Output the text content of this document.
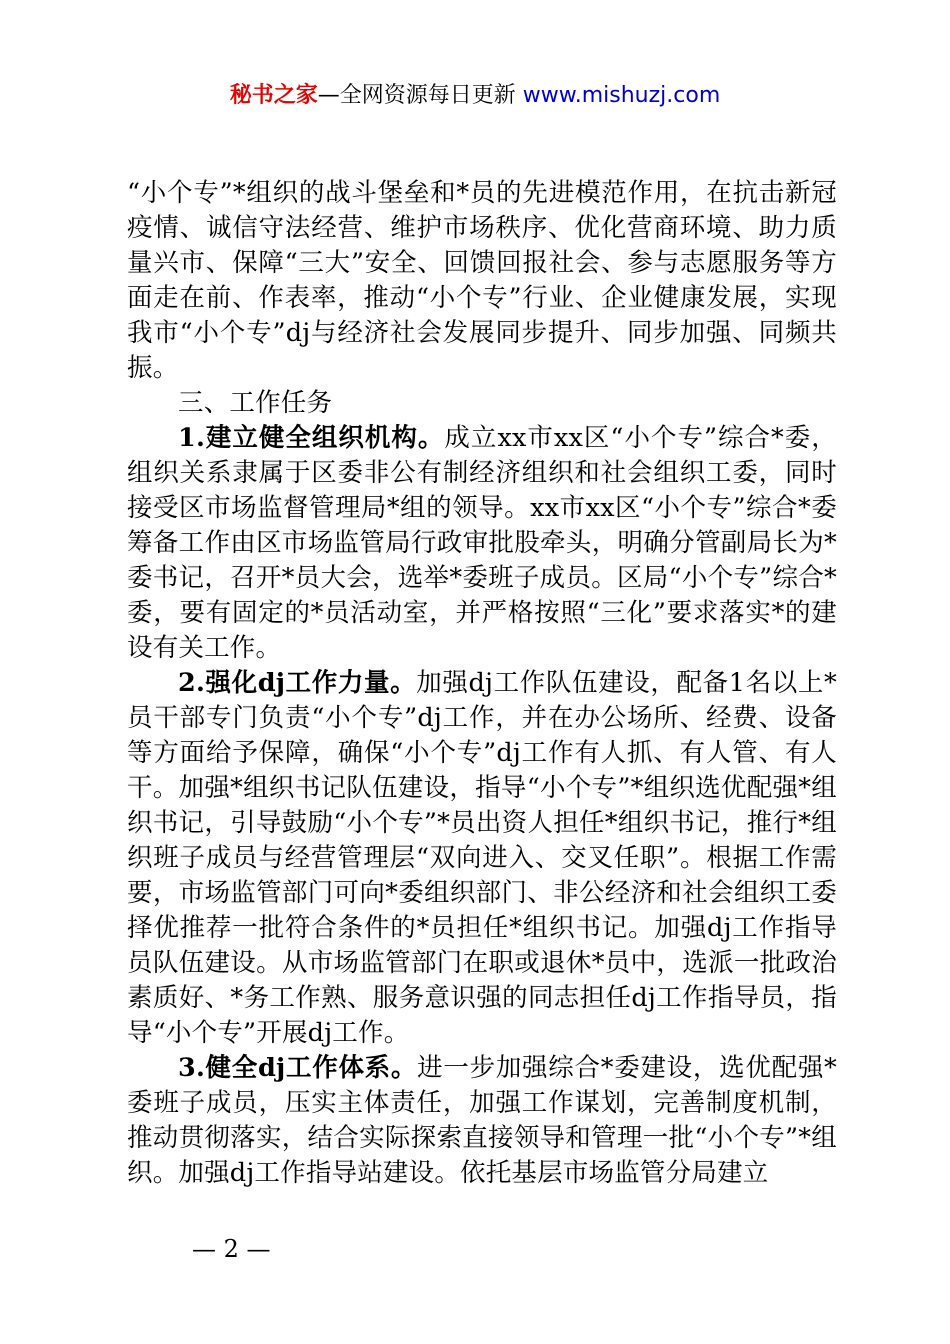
秘书之家—全网资源每日更新 www.mishuzj.com

“小个专”*组织的战斗堡垒和*员的先进模范作用，在抗击新冠疫情、诚信守法经营、维护市场秩序、优化营商环境、助力质量兴市、保障“三大”安全、回馈回报社会、参与志愿服务等方面走在前、作表率，推动“小个专”行业、企业健康发展，实现我市“小个专”dj与经济社会发展同步提升、同步加强、同频共振。

三、工作任务

1.建立健全组织机构。成立xx市xx区“小个专”综合*委，组织关系隶属于区委非公有制经济组织和社会组织工委，同时接受区市场监督管理局*组的领导。xx市xx区“小个专”综合*委筹备工作由区市场监管局行政审批股牵头，明确分管副局长为*委书记，召开*员大会，选举*委班子成员。区局“小个专”综合*委，要有固定的*员活动室，并严格按照“三化”要求落实*的建设有关工作。

2.强化dj工作力量。加强dj工作队伍建设，配备1名以上*员干部专门负责“小个专”dj工作，并在办公场所、经费、设备等方面给予保障，确保“小个专”dj工作有人抓、有人管、有人干。加强*组织书记队伍建设，指导“小个专”*组织选优配强*组织书记，引导鼓励“小个专”*员出资人担任*组织书记，推行*组织班子成员与经营管理层“双向进入、交叉任职”。根据工作需要，市场监管部门可向*委组织部门、非公经济和社会组织工委择优推荐一批符合条件的*员担任*组织书记。加强dj工作指导员队伍建设。从市场监管部门在职或退休*员中，选派一批政治素质好、*务工作熟、服务意识强的同志担任dj工作指导员，指导“小个专”开展dj工作。

3.健全dj工作体系。进一步加强综合*委建设，选优配强*委班子成员，压实主体责任，加强工作谋划，完善制度机制，推动贯彻落实，结合实际探索直接领导和管理一批“小个专”*组织。加强dj工作指导站建设。依托基层市场监管分局建立

— 2 —
